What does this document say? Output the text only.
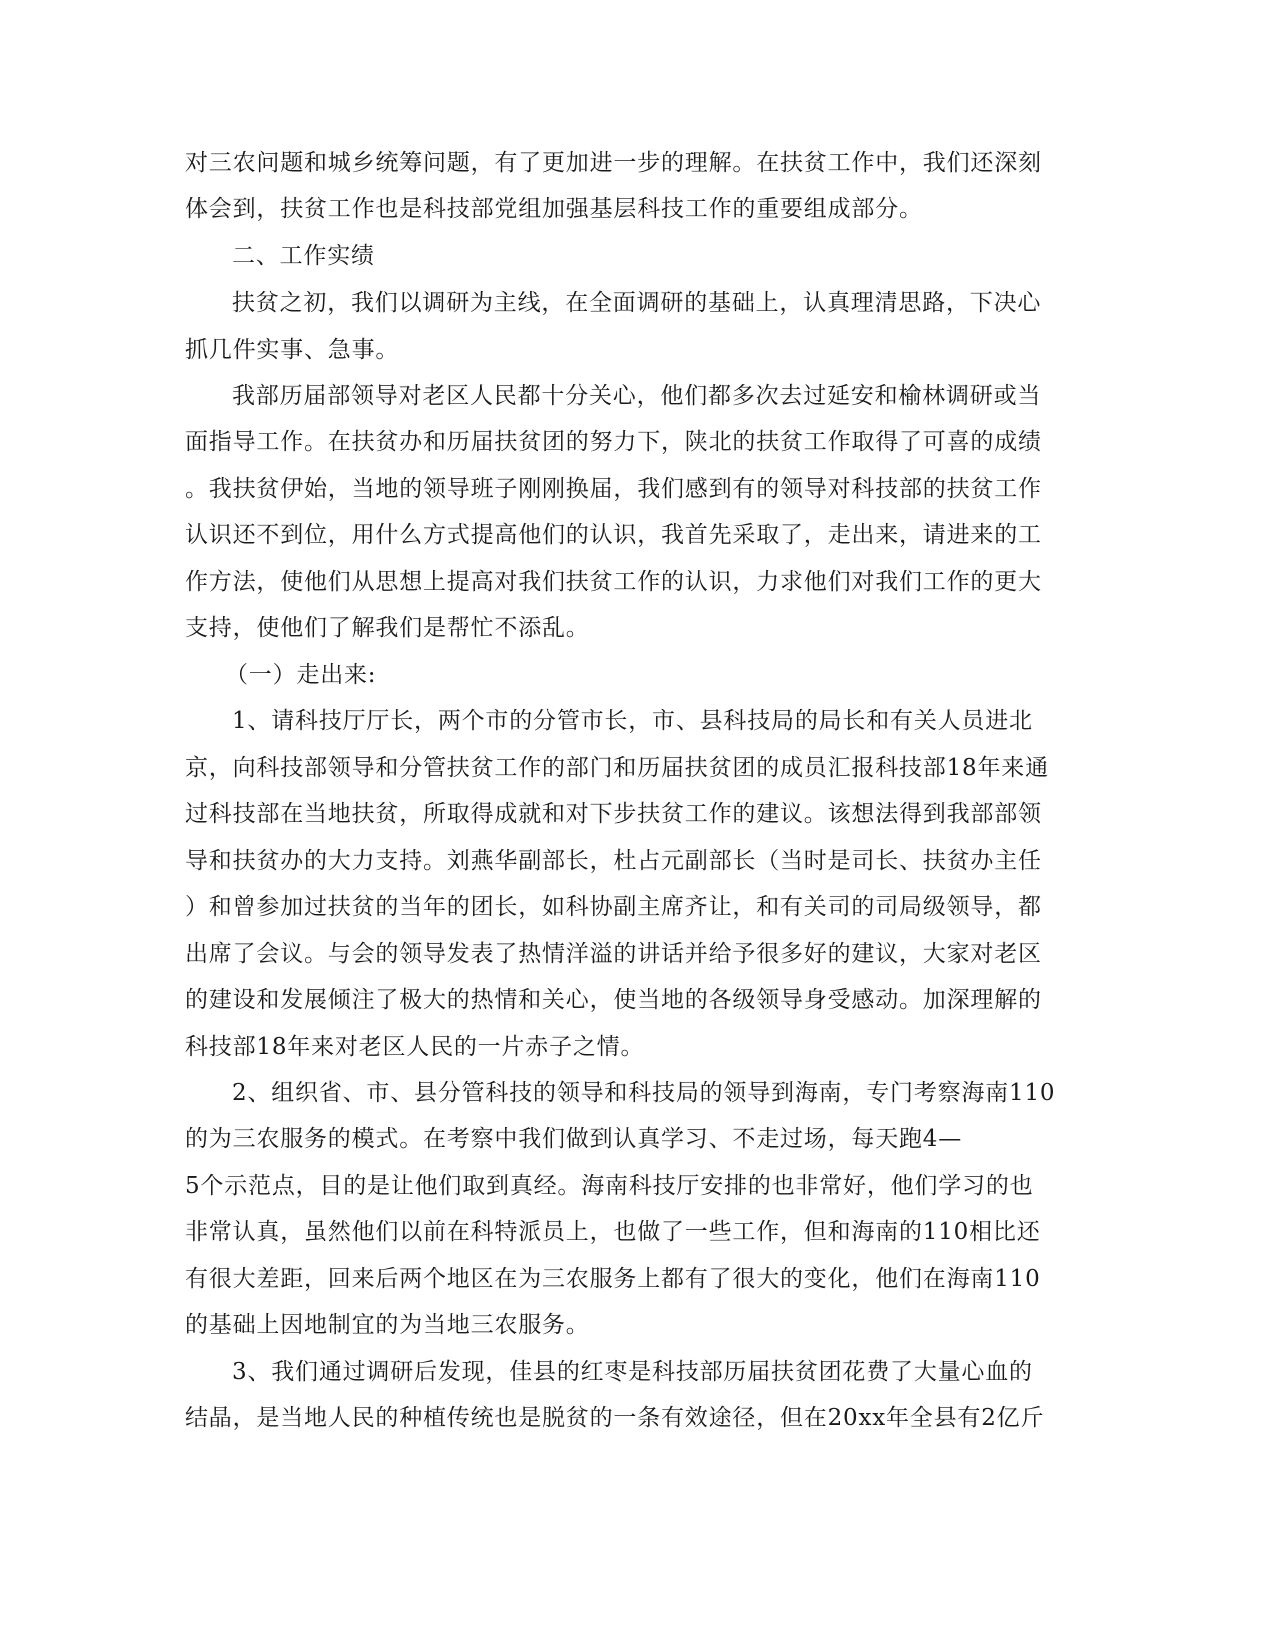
对三农问题和城乡统筹问题，有了更加进一步的理解。在扶贫工作中，我们还深刻
体会到，扶贫工作也是科技部党组加强基层科技工作的重要组成部分。
二、工作实绩
扶贫之初，我们以调研为主线，在全面调研的基础上，认真理清思路，下决心
抓几件实事、急事。
我部历届部领导对老区人民都十分关心，他们都多次去过延安和榆林调研或当
面指导工作。在扶贫办和历届扶贫团的努力下，陕北的扶贫工作取得了可喜的成绩
。我扶贫伊始，当地的领导班子刚刚换届，我们感到有的领导对科技部的扶贫工作
认识还不到位，用什么方式提高他们的认识，我首先采取了，走出来，请进来的工
作方法，使他们从思想上提高对我们扶贫工作的认识，力求他们对我们工作的更大
支持，使他们了解我们是帮忙不添乱。
（一）走出来:
1、请科技厅厅长，两个市的分管市长，市、县科技局的局长和有关人员进北
京，向科技部领导和分管扶贫工作的部门和历届扶贫团的成员汇报科技部18年来通
过科技部在当地扶贫，所取得成就和对下步扶贫工作的建议。该想法得到我部部领
导和扶贫办的大力支持。刘燕华副部长，杜占元副部长（当时是司长、扶贫办主任
）和曾参加过扶贫的当年的团长，如科协副主席齐让，和有关司的司局级领导，都
出席了会议。与会的领导发表了热情洋溢的讲话并给予很多好的建议，大家对老区
的建设和发展倾注了极大的热情和关心，使当地的各级领导身受感动。加深理解的
科技部18年来对老区人民的一片赤子之情。
2、组织省、市、县分管科技的领导和科技局的领导到海南，专门考察海南110
的为三农服务的模式。在考察中我们做到认真学习、不走过场，每天跑4—
5个示范点，目的是让他们取到真经。海南科技厅安排的也非常好，他们学习的也
非常认真，虽然他们以前在科特派员上，也做了一些工作，但和海南的110相比还
有很大差距，回来后两个地区在为三农服务上都有了很大的变化，他们在海南110
的基础上因地制宜的为当地三农服务。
3、我们通过调研后发现，佳县的红枣是科技部历届扶贫团花费了大量心血的
结晶，是当地人民的种植传统也是脱贫的一条有效途径，但在20xx年全县有2亿斤
